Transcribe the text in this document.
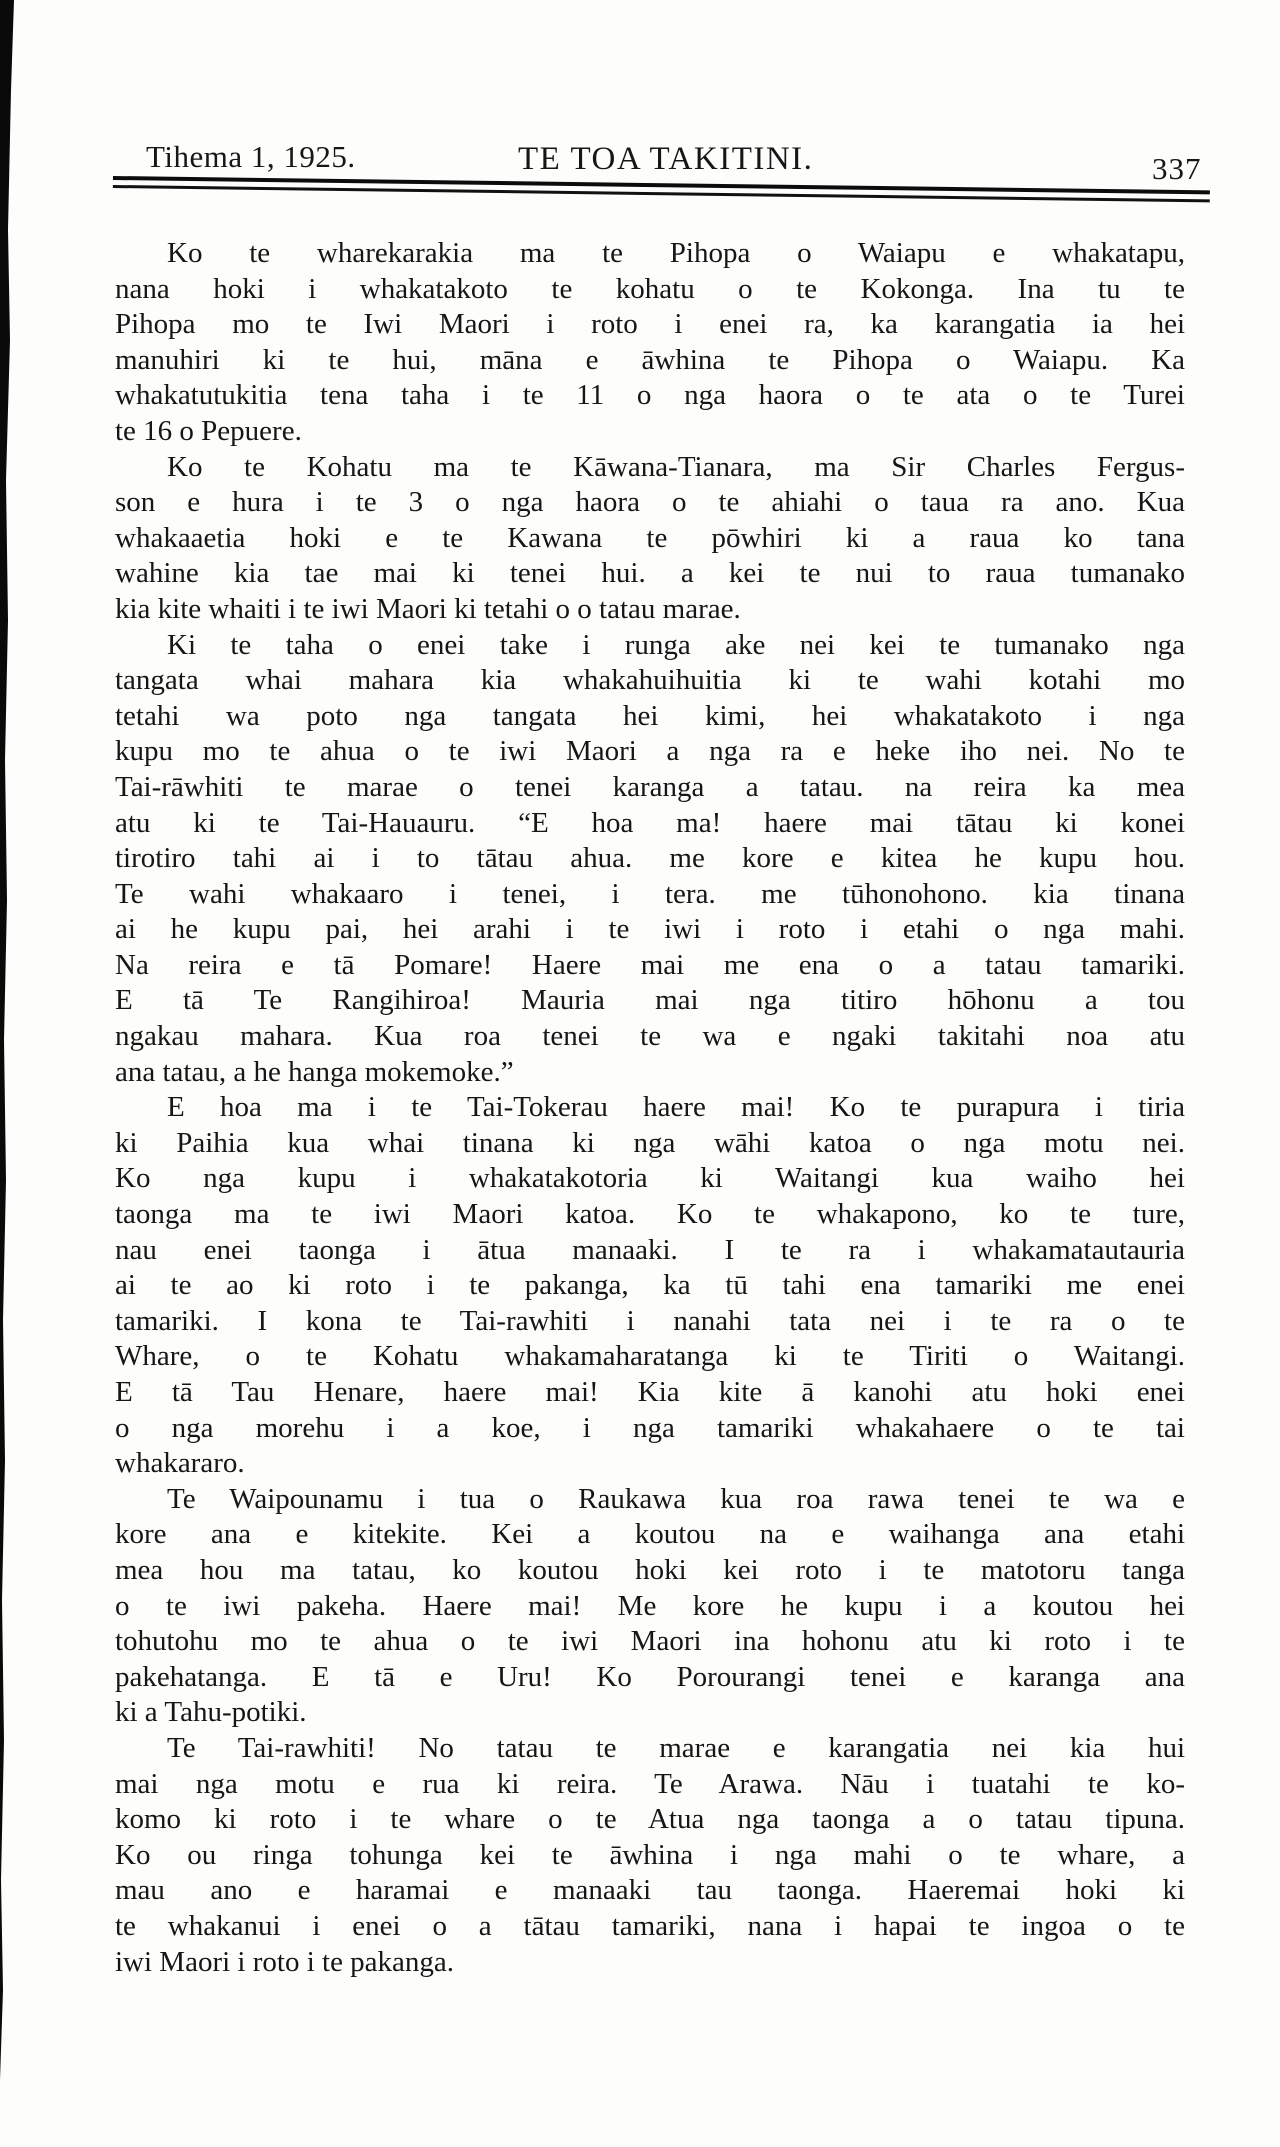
Tihema 1, 1925.	TE TOA TAKITINI.	337
Ko te wharekarakia ma te Pihopa o Waiapu e whakatapu,
nana hoki i whakatakoto te kohatu o te Kokonga. Ina tu te
Pihopa mo te Iwi Maori i roto i enei ra, ka karangatia ia hei
manuhiri ki te hui, māna e āwhina te Pihopa o Waiapu. Ka
whakatutukitia tena taha i te 11 o nga haora o te ata o te Turei
te 16 o Pepuere.
Ko te Kohatu ma te Kāwana-Tianara, ma Sir Charles Fergus-
son e hura i te 3 o nga haora o te ahiahi o taua ra ano. Kua
whakaaetia hoki e te Kawana te pōwhiri ki a raua ko tana
wahine kia tae mai ki tenei hui. a kei te nui to raua tumanako
kia kite whaiti i te iwi Maori ki tetahi o o tatau marae.
Ki te taha o enei take i runga ake nei kei te tumanako nga
tangata whai mahara kia whakahuihuitia ki te wahi kotahi mo
tetahi wa poto nga tangata hei kimi, hei whakatakoto i nga
kupu mo te ahua o te iwi Maori a nga ra e heke iho nei. No te
Tai-rāwhiti te marae o tenei karanga a tatau. na reira ka mea
atu ki te Tai-Hauauru. “E hoa ma! haere mai tātau ki konei
tirotiro tahi ai i to tātau ahua. me kore e kitea he kupu hou.
Te wahi whakaaro i tenei, i tera. me tūhonohono. kia tinana
ai he kupu pai, hei arahi i te iwi i roto i etahi o nga mahi.
Na reira e tā Pomare! Haere mai me ena o a tatau tamariki.
E tā Te Rangihiroa! Mauria mai nga titiro hōhonu a tou
ngakau mahara. Kua roa tenei te wa e ngaki takitahi noa atu
ana tatau, a he hanga mokemoke.”
E hoa ma i te Tai-Tokerau haere mai! Ko te purapura i tiria
ki Paihia kua whai tinana ki nga wāhi katoa o nga motu nei.
Ko nga kupu i whakatakotoria ki Waitangi kua waiho hei
taonga ma te iwi Maori katoa. Ko te whakapono, ko te ture,
nau enei taonga i ātua manaaki. I te ra i whakamatautauria
ai te ao ki roto i te pakanga, ka tū tahi ena tamariki me enei
tamariki. I kona te Tai-rawhiti i nanahi tata nei i te ra o te
Whare, o te Kohatu whakamaharatanga ki te Tiriti o Waitangi.
E tā Tau Henare, haere mai! Kia kite ā kanohi atu hoki enei
o nga morehu i a koe, i nga tamariki whakahaere o te tai
whakararo.
Te Waipounamu i tua o Raukawa kua roa rawa tenei te wa e
kore ana e kitekite. Kei a koutou na e waihanga ana etahi
mea hou ma tatau, ko koutou hoki kei roto i te matotoru tanga
o te iwi pakeha. Haere mai! Me kore he kupu i a koutou hei
tohutohu mo te ahua o te iwi Maori ina hohonu atu ki roto i te
pakehatanga. E tā e Uru! Ko Porourangi tenei e karanga ana
ki a Tahu-potiki.
Te Tai-rawhiti! No tatau te marae e karangatia nei kia hui
mai nga motu e rua ki reira. Te Arawa. Nāu i tuatahi te ko-
komo ki roto i te whare o te Atua nga taonga a o tatau tipuna.
Ko ou ringa tohunga kei te āwhina i nga mahi o te whare, a
mau ano e haramai e manaaki tau taonga. Haeremai hoki ki
te whakanui i enei o a tātau tamariki, nana i hapai te ingoa o te
iwi Maori i roto i te pakanga.
